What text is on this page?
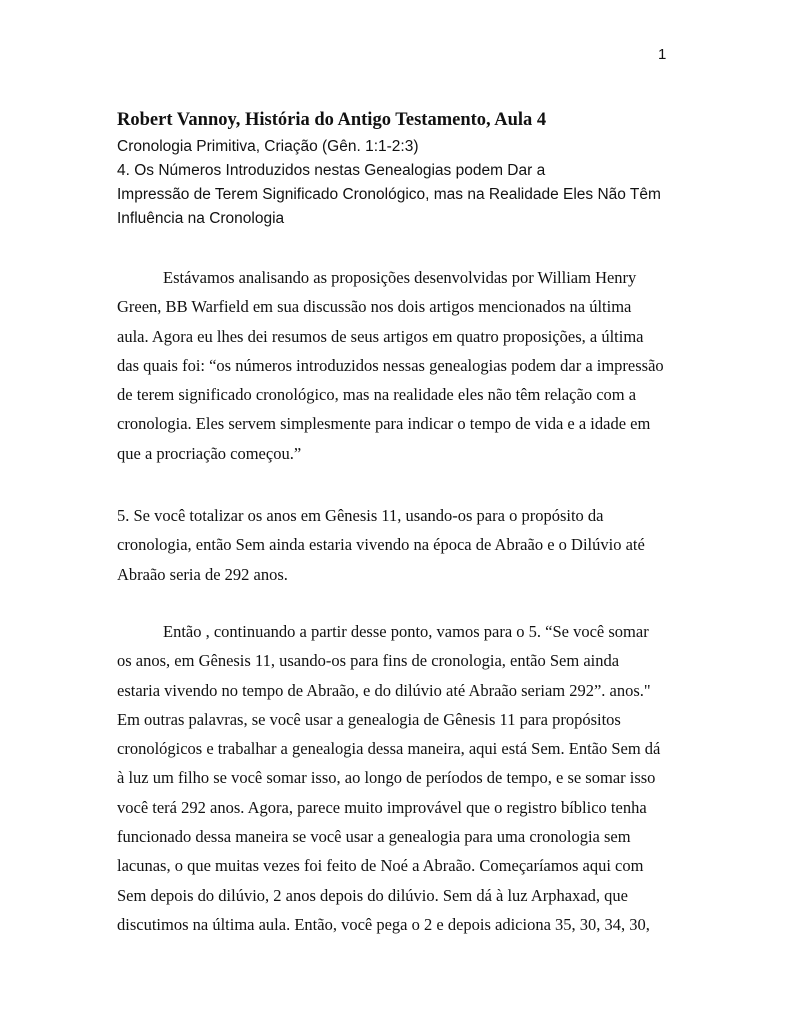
1
Robert Vannoy, História do Antigo Testamento, Aula 4
Cronologia Primitiva, Criação (Gên. 1:1-2:3)
4. Os Números Introduzidos nestas Genealogias podem Dar a
Impressão de Terem Significado Cronológico, mas na Realidade Eles Não Têm
Influência na Cronologia

Estávamos analisando as proposições desenvolvidas por William Henry
Green, BB Warfield em sua discussão nos dois artigos mencionados na última
aula. Agora eu lhes dei resumos de seus artigos em quatro proposições, a última
das quais foi: “os números introduzidos nessas genealogias podem dar a impressão
de terem significado cronológico, mas na realidade eles não têm relação com a
cronologia. Eles servem simplesmente para indicar o tempo de vida e a idade em
que a procriação começou.”

5. Se você totalizar os anos em Gênesis 11, usando-os para o propósito da
cronologia, então Sem ainda estaria vivendo na época de Abraão e o Dilúvio até
Abraão seria de 292 anos.

Então , continuando a partir desse ponto, vamos para o 5. “Se você somar
os anos, em Gênesis 11, usando-os para fins de cronologia, então Sem ainda
estaria vivendo no tempo de Abraão, e do dilúvio até Abraão seriam 292”. anos."
Em outras palavras, se você usar a genealogia de Gênesis 11 para propósitos
cronológicos e trabalhar a genealogia dessa maneira, aqui está Sem. Então Sem dá
à luz um filho se você somar isso, ao longo de períodos de tempo, e se somar isso
você terá 292 anos. Agora, parece muito improvável que o registro bíblico tenha
funcionado dessa maneira se você usar a genealogia para uma cronologia sem
lacunas, o que muitas vezes foi feito de Noé a Abraão. Começaríamos aqui com
Sem depois do dilúvio, 2 anos depois do dilúvio. Sem dá à luz Arphaxad, que
discutimos na última aula. Então, você pega o 2 e depois adiciona 35, 30, 34, 30,
